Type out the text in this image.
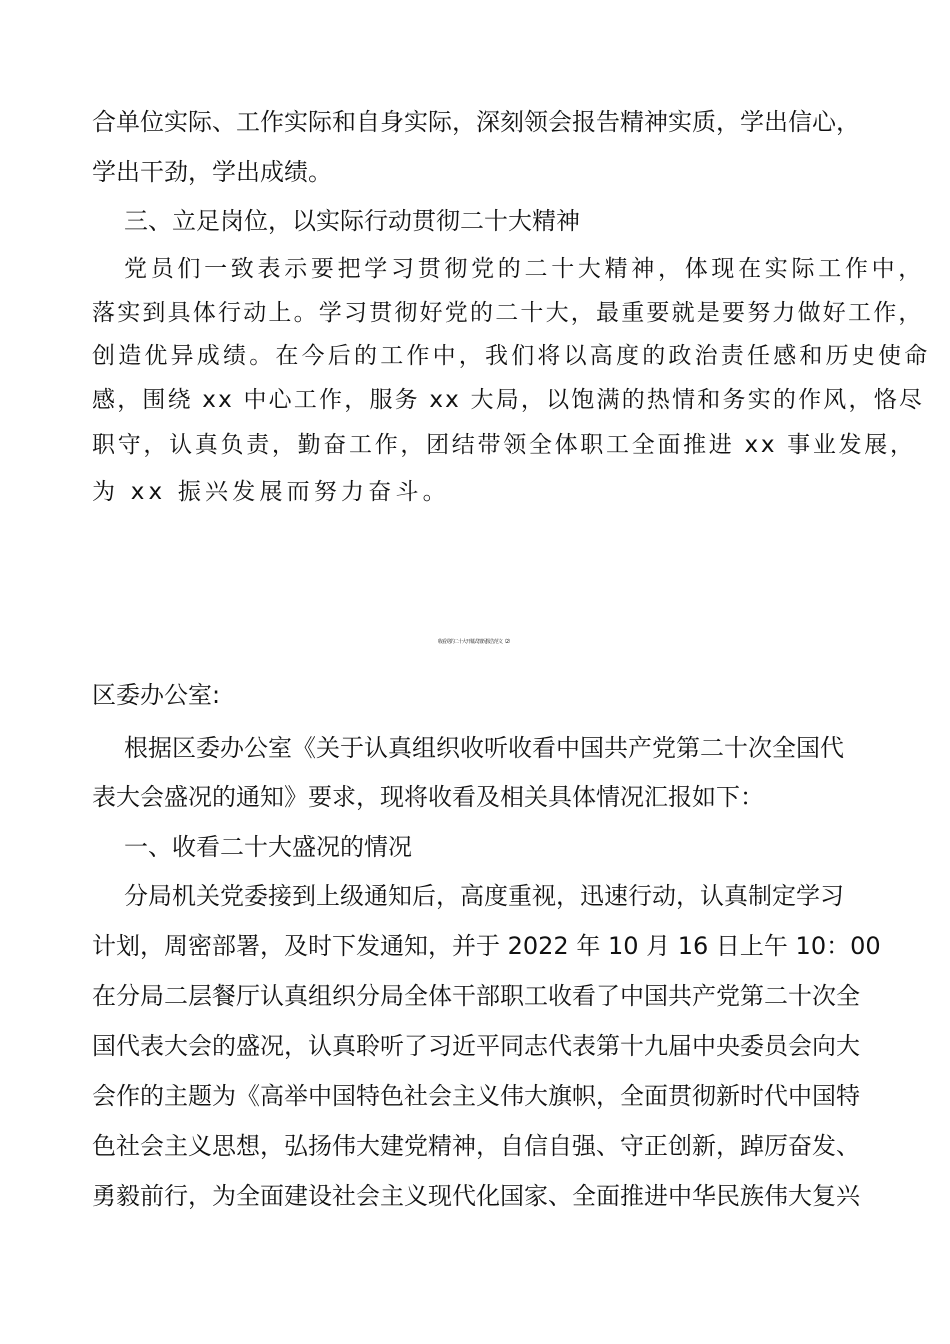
合单位实际、工作实际和自身实际，深刻领会报告精神实质，学出信心，
学出干劲，学出成绩。
三、立足岗位，以实际行动贯彻二十大精神
党员们一致表示要把学习贯彻党的二十大精神，体现在实际工作中，
落实到具体行动上。学习贯彻好党的二十大，最重要就是要努力做好工作，
创造优异成绩。在今后的工作中，我们将以高度的政治责任感和历史使命
感，围绕 xx 中心工作，服务 xx 大局，以饱满的热情和务实的作风，恪尽
职守，认真负责，勤奋工作，团结带领全体职工全面推进 xx 事业发展，
为 xx 振兴发展而努力奋斗。
收看党的二十大开幕式情况报告范文（2）
区委办公室:
根据区委办公室《关于认真组织收听收看中国共产党第二十次全国代
表大会盛况的通知》要求，现将收看及相关具体情况汇报如下：
一、收看二十大盛况的情况
分局机关党委接到上级通知后，高度重视，迅速行动，认真制定学习
计划，周密部署，及时下发通知，并于 2022 年 10 月 16 日上午 10：00
在分局二层餐厅认真组织分局全体干部职工收看了中国共产党第二十次全
国代表大会的盛况，认真聆听了习近平同志代表第十九届中央委员会向大
会作的主题为《高举中国特色社会主义伟大旗帜，全面贯彻新时代中国特
色社会主义思想，弘扬伟大建党精神，自信自强、守正创新，踔厉奋发、
勇毅前行，为全面建设社会主义现代化国家、全面推进中华民族伟大复兴
